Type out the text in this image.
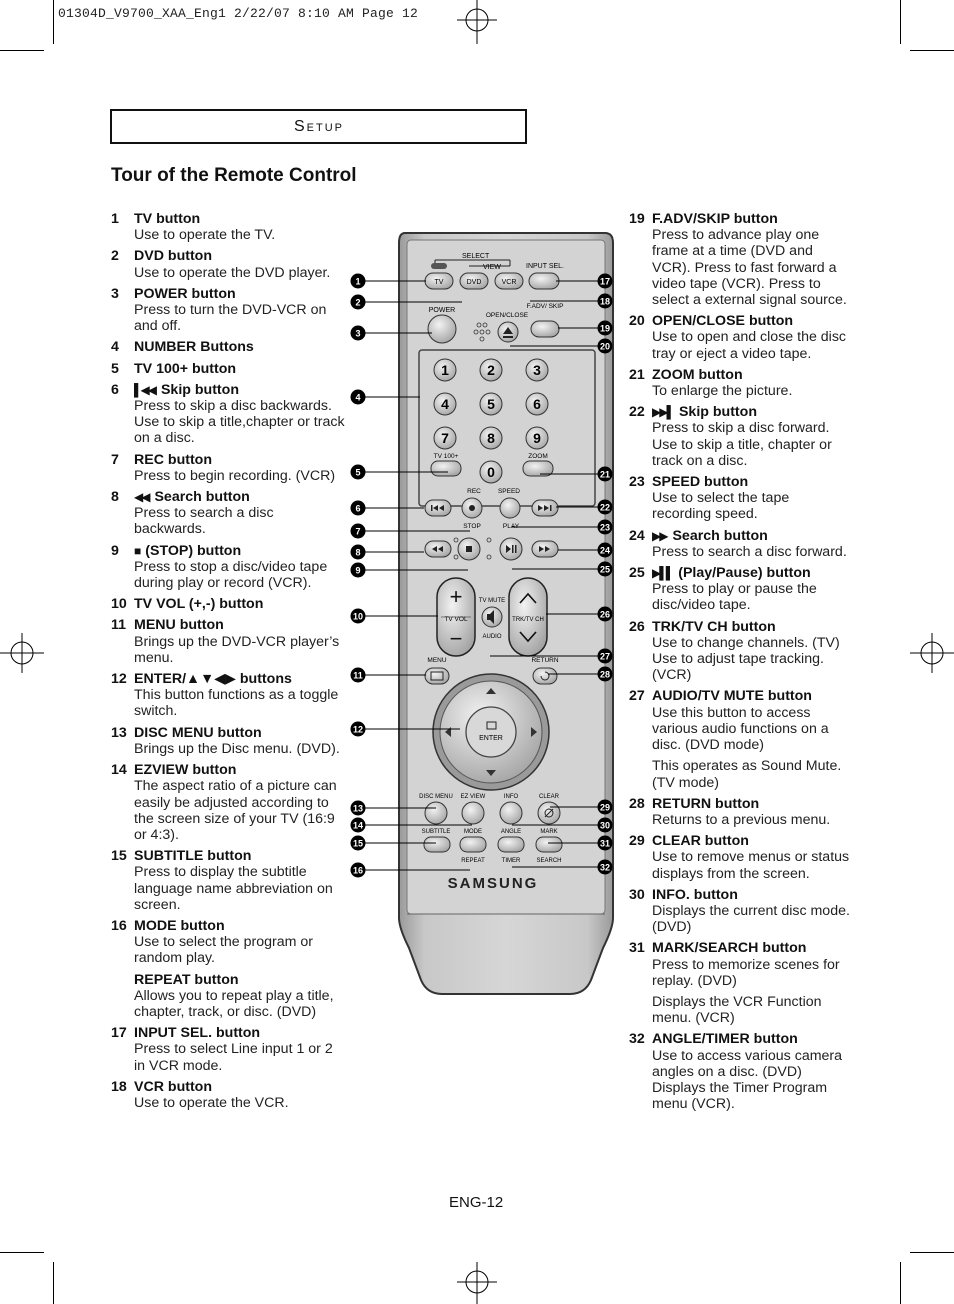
01304D_V9700_XAA_Eng1 2/22/07 8:10 AM Page 12
Setup
Tour of the Remote Control
1 TV button
Use to operate the TV.
2 DVD button
Use to operate the DVD player.
3 POWER button
Press to turn the DVD-VCR on and off.
4 NUMBER Buttons
5 TV 100+ button
6 ▌◀◀ Skip button
Press to skip a disc backwards. Use to skip a title,chapter or track on a disc.
7 REC button
Press to begin recording. (VCR)
8 ◀◀ Search button
Press to search a disc backwards.
9 ■ (STOP) button
Press to stop a disc/video tape during play or record (VCR).
10 TV VOL (+,-) button
11 MENU button
Brings up the DVD-VCR player’s menu.
12 ENTER/▲▼◀▶ buttons
This button functions as a toggle switch.
13 DISC MENU button
Brings up the Disc menu. (DVD).
14 EZVIEW button
The aspect ratio of a picture can easily be adjusted according to the screen size of your TV (16:9 or 4:3).
15 SUBTITLE button
Press to display the subtitle language name abbreviation on screen.
16 MODE button
Use to select the program or random play.
REPEAT button
Allows you to repeat play a title, chapter, track, or disc. (DVD)
17 INPUT SEL. button
Press to select Line input 1 or 2 in VCR mode.
18 VCR button
Use to operate the VCR.
19 F.ADV/SKIP button
Press to advance play one frame at a time (DVD and VCR). Press to fast forward a video tape (VCR). Press to select a external signal source.
20 OPEN/CLOSE button
Use to open and close the disc tray or eject a video tape.
21 ZOOM button
To enlarge the picture.
22 ▶▶▌ Skip button
Press to skip a disc forward. Use to skip a title, chapter or track on a disc.
23 SPEED button
Use to select the tape recording speed.
24 ▶▶ Search button
Press to search a disc forward.
25 ▶▌▌ (Play/Pause) button
Press to play or pause the disc/video tape.
26 TRK/TV CH button
Use to change channels. (TV) Use to adjust tape tracking. (VCR)
27 AUDIO/TV MUTE button
Use this button to access various audio functions on a disc. (DVD mode)
This operates as Sound Mute. (TV mode)
28 RETURN button
Returns to a previous menu.
29 CLEAR button
Use to remove menus or status displays from the screen.
30 INFO. button
Displays the current disc mode. (DVD)
31 MARK/SEARCH button
Press to memorize scenes for replay. (DVD)
Displays the VCR Function menu. (VCR)
32 ANGLE/TIMER button
Use to access various camera angles on a disc. (DVD) Displays the Timer Program menu (VCR).
SELECT
VIEW	INPUT SEL.
TV	DVD	VCR
POWER
OPEN/CLOSE
F.ADV/ SKIP
1	2	3
4	5	6
7	8	9
0
TV 100+	ZOOM
REC	SPEED
STOP	PLAY
+
TV VOL
−
TRK/TV CH
TV MUTE
AUDIO
MENU	RETURN
ENTER
DISC MENU EZ VIEW	INFO	CLEAR
SUBTITLE MODE	ANGLE	MARK
REPEAT	TIMER	SEARCH
SAMSUNG
1
2
3
4
5
6
7
8
9
10
11
12
13
14
15
16
17
18
19
20
21
22
23
24
25
26
27
28
29
30
31
32
ENG-12
